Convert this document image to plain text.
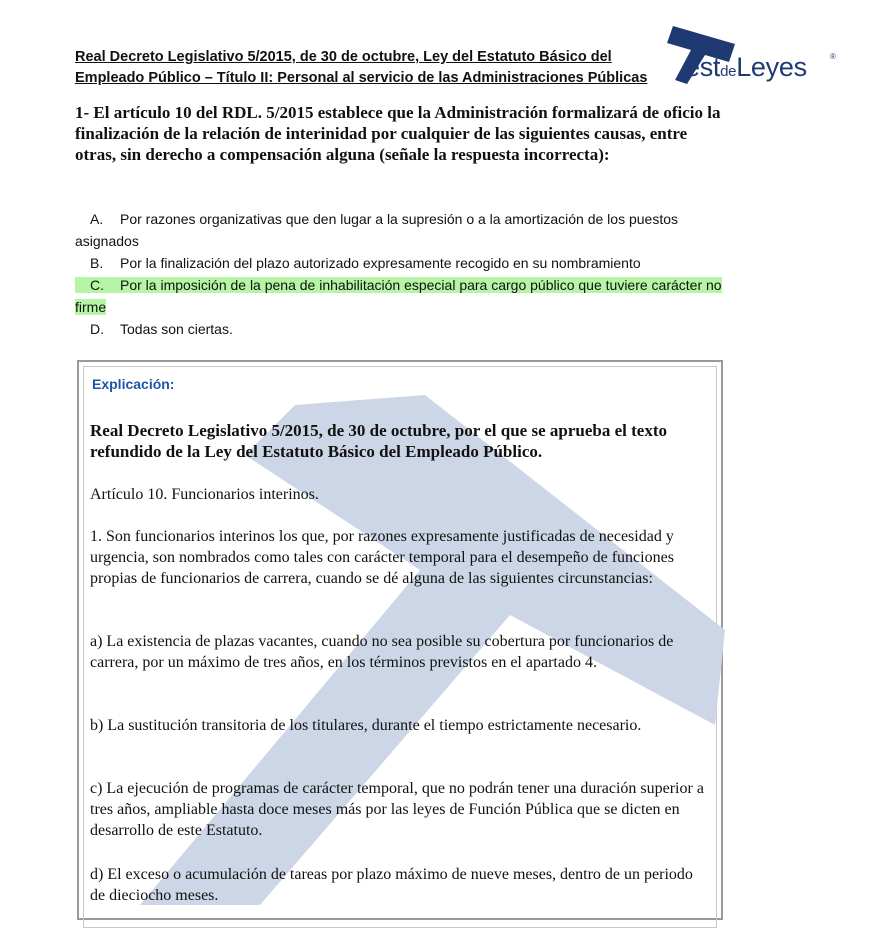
Real Decreto Legislativo 5/2015, de 30 de octubre, Ley del Estatuto Básico del
Empleado Público – Título II: Personal al servicio de las Administraciones Públicas estdeLeyes	®
1- El artículo 10 del RDL. 5/2015 establece que la Administración formalizará de oficio la finalización de la relación de interinidad por cualquier de las siguientes causas, entre otras, sin derecho a compensación alguna (señale la respuesta incorrecta):
A. Por razones organizativas que den lugar a la supresión o a la amortización de los puestos asignados
B. Por la finalización del plazo autorizado expresamente recogido en su nombramiento
C. Por la imposición de la pena de inhabilitación especial para cargo público que tuviere carácter no firme
D. Todas son ciertas.
Explicación:
Real Decreto Legislativo 5/2015, de 30 de octubre, por el que se aprueba el texto refundido de la Ley del Estatuto Básico del Empleado Público.
Artículo 10. Funcionarios interinos.
1. Son funcionarios interinos los que, por razones expresamente justificadas de necesidad y urgencia, son nombrados como tales con carácter temporal para el desempeño de funciones propias de funcionarios de carrera, cuando se dé alguna de las siguientes circunstancias:
a) La existencia de plazas vacantes, cuando no sea posible su cobertura por funcionarios de carrera, por un máximo de tres años, en los términos previstos en el apartado 4.
b) La sustitución transitoria de los titulares, durante el tiempo estrictamente necesario.
c) La ejecución de programas de carácter temporal, que no podrán tener una duración superior a tres años, ampliable hasta doce meses más por las leyes de Función Pública que se dicten en desarrollo de este Estatuto.
d) El exceso o acumulación de tareas por plazo máximo de nueve meses, dentro de un periodo de dieciocho meses.
